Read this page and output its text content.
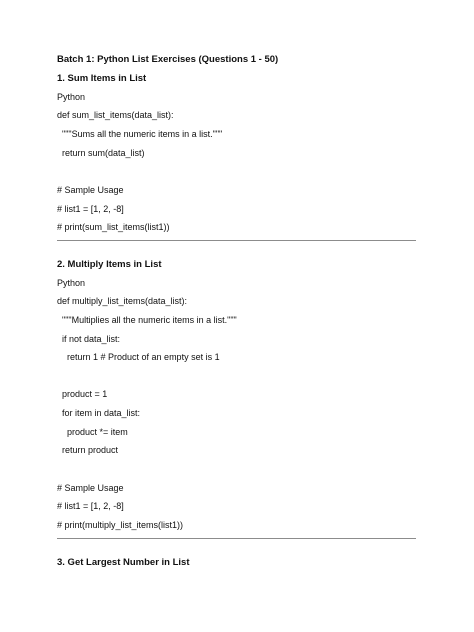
Batch 1: Python List Exercises (Questions 1 - 50)
1. Sum Items in List
Python
def sum_list_items(data_list):
"""Sums all the numeric items in a list."""
return sum(data_list)
# Sample Usage
# list1 = [1, 2, -8]
# print(sum_list_items(list1))
2. Multiply Items in List
Python
def multiply_list_items(data_list):
"""Multiplies all the numeric items in a list."""
if not data_list:
return 1 # Product of an empty set is 1
product = 1
for item in data_list:
product *= item
return product
# Sample Usage
# list1 = [1, 2, -8]
# print(multiply_list_items(list1))
3. Get Largest Number in List
